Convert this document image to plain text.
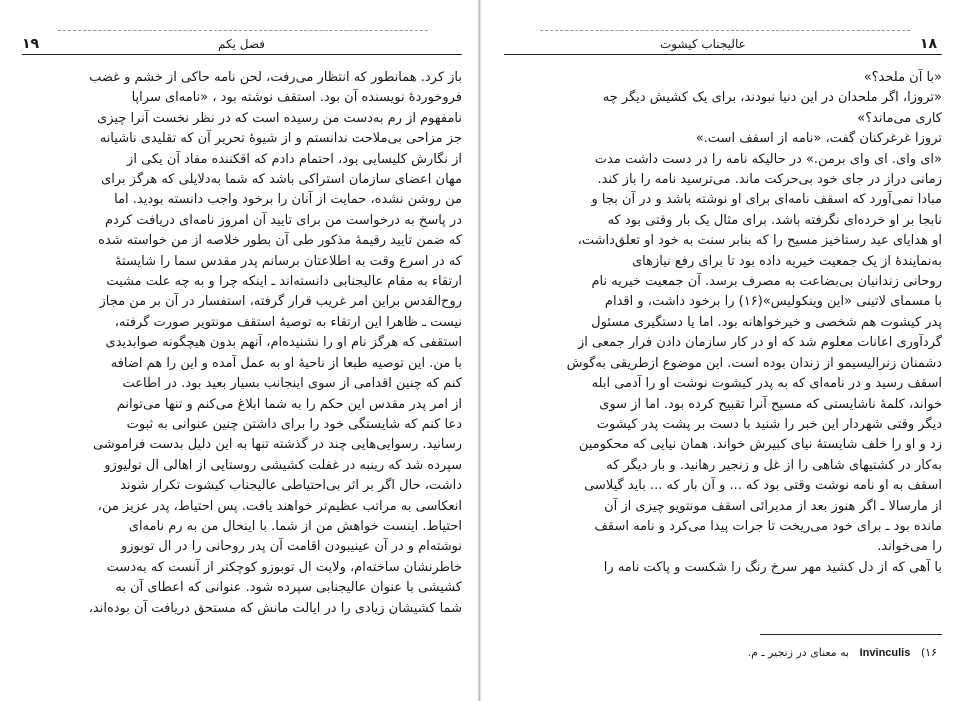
۱۹	فصل یکم

باز کرد. همانطور که انتظار می‌رفت، لحن نامه حاکی از خشم و غضب

فروخوردهٔ نویسنده آن بود. استقف نوشته بود ، «نامه‌ای سراپا

نامفهوم از رم به‌دست من رسیده است که در نظر نخست آنرا چیزی

جز مزاحی بی‌ملاحت ندانستم و از شیوهٔ تحریر آن که تقلیدی ناشیانه

از نگارش کلیسایی بود، احتمام دادم که اقکننده مفاد آن یکی از

مهان اعضای سازمان استراکی باشد که شما به‌دلایلی که هرگز برای

من روشن نشده، حمایت از آنان را برخود واجب دانسته بودید. اما

در پاسخ به درخواست من برای تایید آن امروز نامه‌ای دریافت کردم

که ضمن تایید رقیمهٔ مذکور طی آن بطور خلاصه از من خواسته شده

که در اسرع وقت به اطلاعتان برسانم پدر مقدس سما را شایستهٔ

ارتقاء به مقام عالیجنابی دانسته‌اند ـ اینکه چرا و به چه علت مشیت

روح‌القدس براین امر غریب قرار گرفته، استفسار در آن بر من مجاز

نیست ـ ظاهرا این ارتقاء به توصیهٔ استقف مونتویر صورت گرفته،

استقفی که هرگز نام او را نشنیده‌ام، آنهم بدون هیچگونه صوابدیدی

با من. این توصیه طبعا از ناحیهٔ او به عمل آمده و این را هم اضافه

کنم که چنین اقدامی از سوی اینجانب بسیار بعید بود. در اطاعت

از امر پدر مقدس این حکم را به شما ابلاغ می‌کنم و تنها می‌توانم

دعا کنم که شایستگی خود را برای داشتن چنین عنوانی به ثبوت

رسانید. رسوایی‌هایی چند در گذشته تنها به این دلیل بدست فراموشی

سپرده شد که رینبه در غفلت کشیشی روستایی از اهالی ال تولیوزو

داشت، حال اگر بر اثر بی‌احتیاطی عالیجناب کیشوت تکرار شوند

انعکاسی به مراتب عظیم‌تر خواهند یافت. پس احتیاط، پدر عزیز من،

احتیاط. اینست خواهش من از شما. با اینحال من به رم نامه‌ای

نوشته‌ام و در آن عینیبودن اقامت آن پدر روحانی را در ال توبوزو

خاطرنشان ساخته‌ام، ولایت ال توبوزو کوچکتر از آنست که به‌دست

کشیشی با عنوان عالیجنابی سپرده شود. عنوانی که اعطای آن به

شما کشیشان زیادی را در ایالت مانش که مستحق دریافت آن بوده‌اند،

۱۸
عالیجناب کیشوت

«با آن ملحد؟»

«تروزا، اگر ملحدان در این دنیا نبودند، برای یک کشیش دیگر چه

کاری می‌ماند؟»

تروزا غرغرکنان گفت، «نامه از اسقف است.»

«ای وای. ای وای برمن.» در حالیکه نامه را در دست داشت مدت

زمانی دراز در جای خود بی‌حرکت ماند. می‌ترسید نامه را باز کند.

مبادا نمی‌آورد که اسقف نامه‌ای برای او نوشته باشد و در آن بجا و

نابجا بر او خرده‌ای نگرفته باشد. برای مثال یک بار وقتی بود که

او هدایای عید رستاخیز مسیح را که بنابر سنت به خود او تعلق‌داشت،

به‌نمایندهٔ از یک جمعیت خیریه داده بود تا برای رفع نیازهای

روحانی زندانیان بی‌بضاعت به مصرف برسد. آن جمعیت خیریه نام

با مسمای لاتینی «این وینکولیس»(۱۶) را برخود داشت، و اقدام

پدر کیشوت هم شخصی و خیرخواهانه بود. اما یا دستگیری مسئول

گردآوری اعانات معلوم شد که او در کار سازمان دادن فرار جمعی از

دشمنان زنرالیسیمو از زندان بوده است. این موضوع ازطریقی به‌گوش

اسقف رسید و در نامه‌ای که به پدر کیشوت نوشت او را آدمی ابله

خواند، کلمهٔ ناشایستی که مسیح آنرا تقبیح کرده بود. اما از سوی

دیگر وقتی شهردار این خبر را شنید با دست بر پشت پدر کیشوت

زد و او را خلف شایستهٔ نیای کبیرش خواند. همان نیایی که محکومین

به‌کار در کشتیهای شاهی را از غل و زنجیر رهانید. و بار دیگر که

اسقف به او نامه نوشت وقتی بود که ... و آن بار که ... باید گیلاسی

از مارسالا ـ اگر هنوز بعد از مدیرائی اسقف مونتویو چیزی از آن

مانده بود ـ برای خود می‌ریخت تا جرات پیدا می‌کرد و نامه اسقف

را می‌خواند.

با آهی که از دل کشید مهر سرخ رنگ را شکست و پاکت نامه را

۱۶)   Invinculis   به معنای در زنجیر ـ م.
